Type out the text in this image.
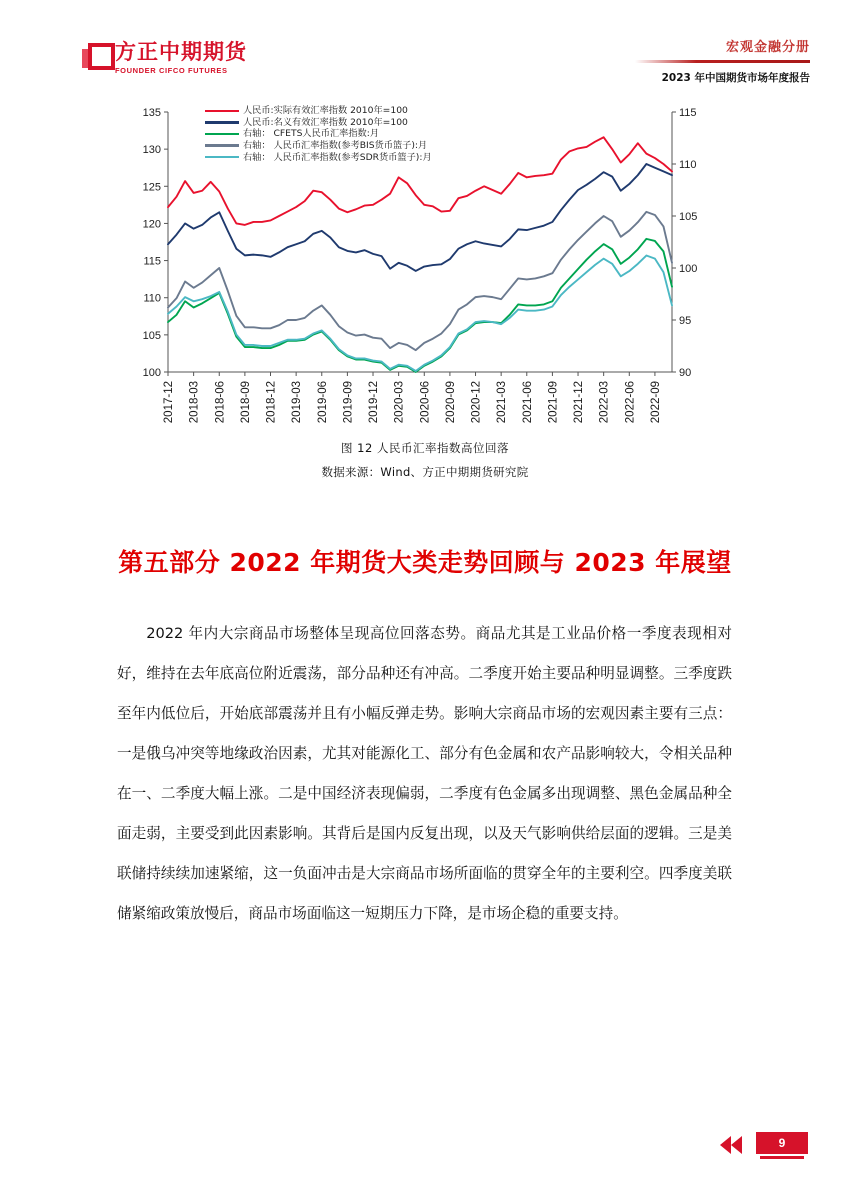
方正中期期货
FOUNDER CIFCO FUTURES
宏观金融分册
2023 年中国期货市场年度报告
100
105
110
115
120
125
130
135
90
95
100
105
110
115
2017-12 2018-03 2018-06 2018-09 2018-12 2019-03 2019-06 2019-09 2019-12 2020-03 2020-06 2020-09 2020-12 2021-03 2021-06 2021-09 2021-12 2022-03 2022-06 2022-09
人民币:实际有效汇率指数 2010年=100
人民币:名义有效汇率指数 2010年=100
右轴： CFETS人民币汇率指数:月
右轴： 人民币汇率指数(参考BIS货币篮子):月
右轴： 人民币汇率指数(参考SDR货币篮子):月
图 12 人民币汇率指数高位回落
数据来源：Wind、方正中期期货研究院
第五部分 2022 年期货大类走势回顾与 2023 年展望
2022 年内大宗商品市场整体呈现高位回落态势。商品尤其是工业品价格一季度表现相对好，维持在去年底高位附近震荡，部分品种还有冲高。二季度开始主要品种明显调整。三季度跌至年内低位后，开始底部震荡并且有小幅反弹走势。影响大宗商品市场的宏观因素主要有三点：一是俄乌冲突等地缘政治因素，尤其对能源化工、部分有色金属和农产品影响较大，令相关品种在一、二季度大幅上涨。二是中国经济表现偏弱，二季度有色金属多出现调整、黑色金属品种全面走弱，主要受到此因素影响。其背后是国内反复出现，以及天气影响供给层面的逻辑。三是美联储持续续加速紧缩，这一负面冲击是大宗商品市场所面临的贯穿全年的主要利空。四季度美联储紧缩政策放慢后，商品市场面临这一短期压力下降，是市场企稳的重要支持。
9
